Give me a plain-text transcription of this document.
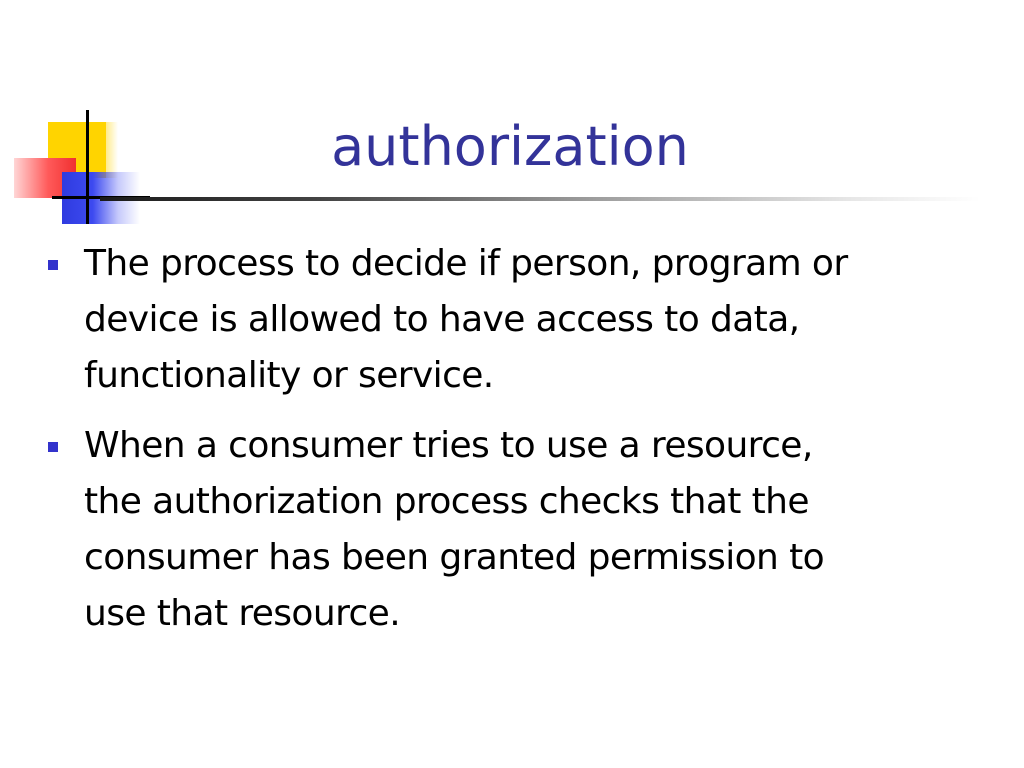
authorization
The process to decide if person, program or
device is allowed to have access to data,
functionality or service.
When a consumer tries to use a resource,
the authorization process checks that the
consumer has been granted permission to
use that resource.
